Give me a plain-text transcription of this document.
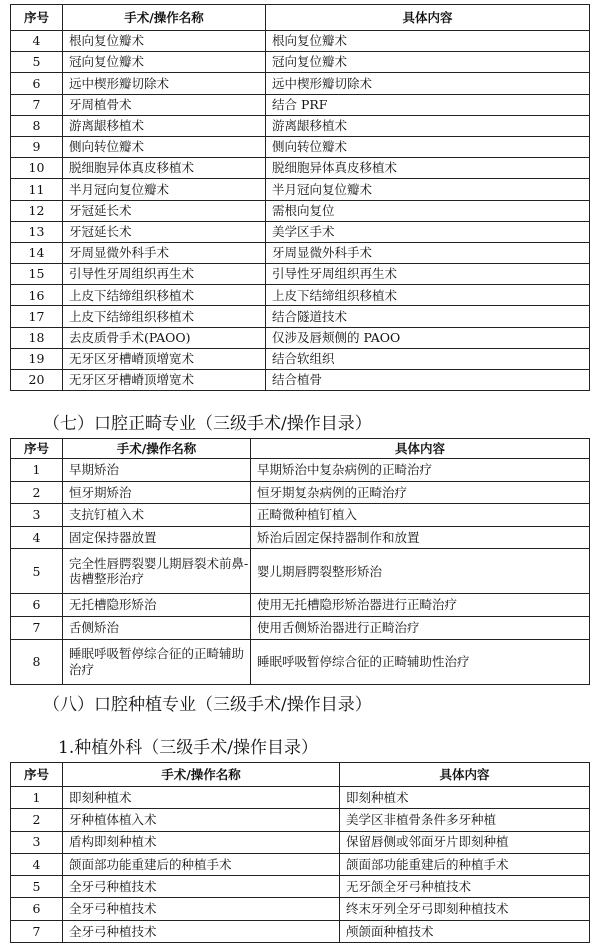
序号	手术/操作名称	具体内容
4	根向复位瓣术	根向复位瓣术
5	冠向复位瓣术	冠向复位瓣术
6	远中楔形瓣切除术	远中楔形瓣切除术
7	牙周植骨术	结合 PRF
8	游离龈移植术	游离龈移植术
9	侧向转位瓣术	侧向转位瓣术
10	脱细胞异体真皮移植术	脱细胞异体真皮移植术
11	半月冠向复位瓣术	半月冠向复位瓣术
12	牙冠延长术	需根向复位
13	牙冠延长术	美学区手术
14	牙周显微外科手术	牙周显微外科手术
15	引导性牙周组织再生术	引导性牙周组织再生术
16	上皮下结缔组织移植术	上皮下结缔组织移植术
17	上皮下结缔组织移植术	结合隧道技术
18	去皮质骨手术(PAOO)	仅涉及唇颊侧的 PAOO
19	无牙区牙槽嵴顶增宽术	结合软组织
20	无牙区牙槽嵴顶增宽术	结合植骨
（七）口腔正畸专业（三级手术/操作目录）
序号	手术/操作名称	具体内容
1	早期矫治	早期矫治中复杂病例的正畸治疗
2	恒牙期矫治	恒牙期复杂病例的正畸治疗
3	支抗钉植入术	正畸微种植钉植入
4	固定保持器放置	矫治后固定保持器制作和放置
5	完全性唇腭裂婴儿期唇裂术前鼻-齿槽整形治疗	婴儿期唇腭裂整形矫治
6	无托槽隐形矫治	使用无托槽隐形矫治器进行正畸治疗
7	舌侧矫治	使用舌侧矫治器进行正畸治疗
8	睡眠呼吸暂停综合征的正畸辅助治疗	睡眠呼吸暂停综合征的正畸辅助性治疗
（八）口腔种植专业（三级手术/操作目录）
1.种植外科（三级手术/操作目录）
序号	手术/操作名称	具体内容
1	即刻种植术	即刻种植术
2	牙种植体植入术	美学区非植骨条件多牙种植
3	盾构即刻种植术	保留唇侧或邻面牙片即刻种植
4	颌面部功能重建后的种植手术	颌面部功能重建后的种植手术
5	全牙弓种植技术	无牙颌全牙弓种植技术
6	全牙弓种植技术	终末牙列全牙弓即刻种植技术
7	全牙弓种植技术	颅颌面种植技术
